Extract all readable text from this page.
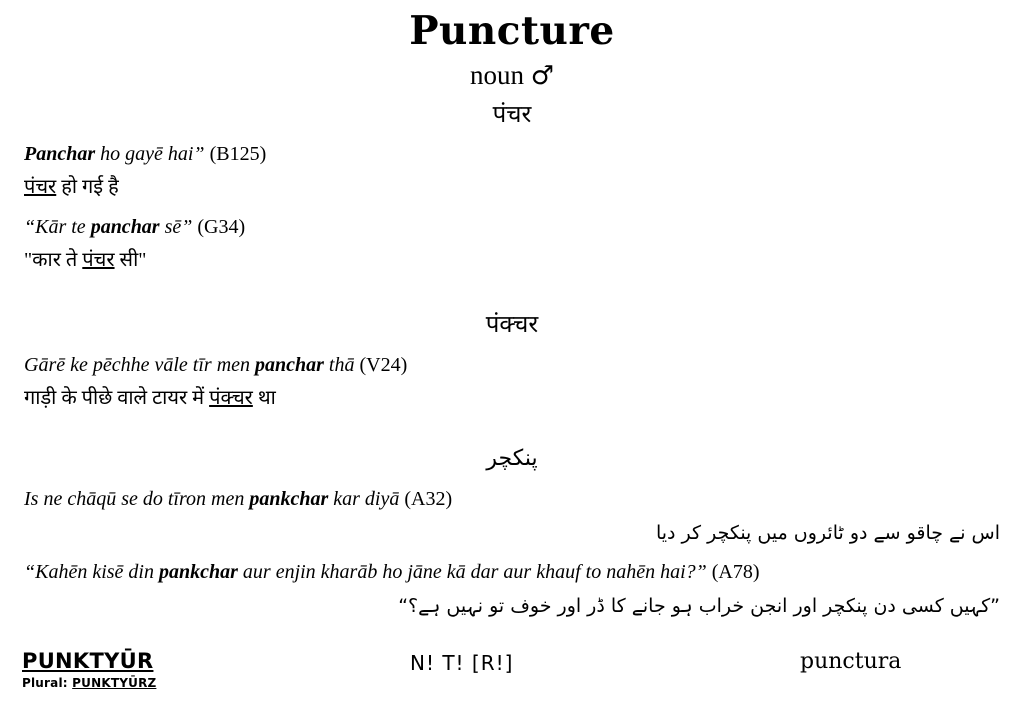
Puncture
noun ♂
पंचर
Panchar ho gayē hai” (B125)
पंचर हो गई है
“Kār te panchar sē” (G34)
"कार ते पंचर सी"
पंक्चर
Gārē ke pēchhe vāle tīr men panchar thā (V24)
गाड़ी के पीछे वाले टायर में पंक्चर था
پنکچر
Is ne chāqū se do tīron men pankchar kar diyā (A32)
اس نے چاقو سے دو ٹائروں میں پنکچر کر دیا
“Kahēn kisē din pankchar aur enjin kharāb ho jāne kā dar aur khauf to nahēn hai?” (A78)
”کہیں کسی دن پنکچر اور انجن خراب ہو جانے کا ڈر اور خوف تو نہیں ہے؟“
PUNKTYŪR
Plural: PUNKTYŪRZ
N! T! [R!]	punctura
